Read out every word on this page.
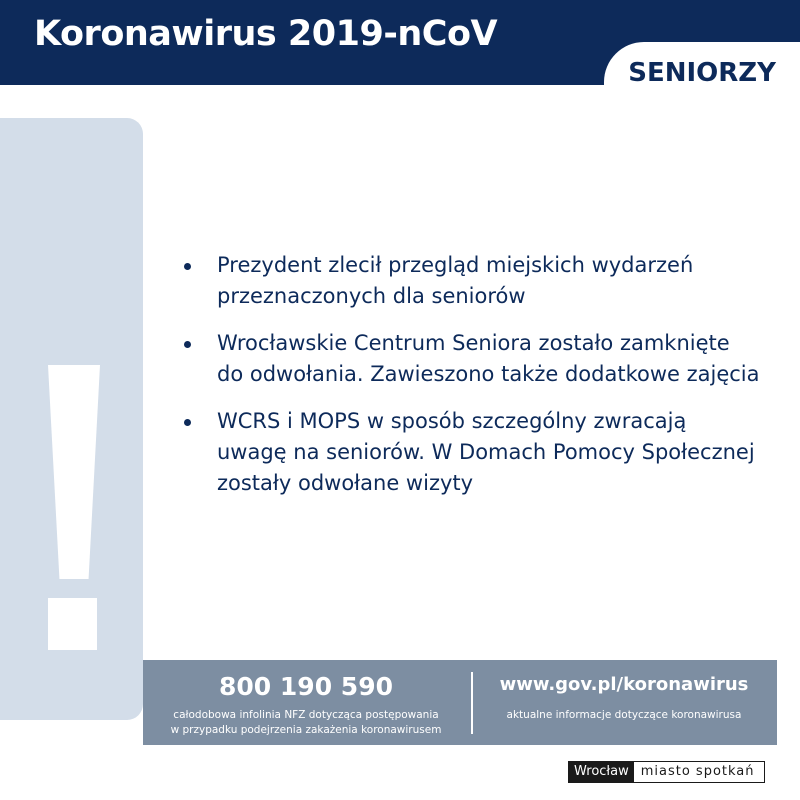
Koronawirus 2019-nCoV
SENIORZY
Prezydent zlecił przegląd miejskich wydarzeń przeznaczonych dla seniorów
Wrocławskie Centrum Seniora zostało zamknięte do odwołania. Zawieszono także dodatkowe zajęcia
WCRS i MOPS w sposób szczególny zwracają uwagę na seniorów. W Domach Pomocy Społecznej zostały odwołane wizyty
800 190 590
całodobowa infolinia NFZ dotycząca postępowania
w przypadku podejrzenia zakażenia koronawirusem
www.gov.pl/koronawirus
aktualne informacje dotyczące koronawirusa
Wrocław miasto spotkań
